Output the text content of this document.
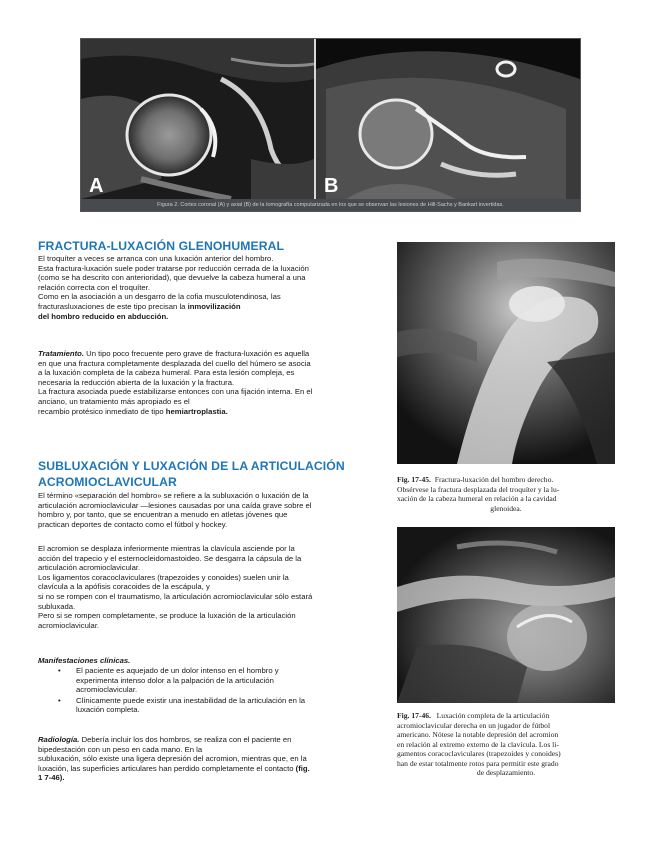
A	B
Figura 2. Cortes coronal (A) y axial (B) de la tomografía computarizada en los que se observan las lesiones de Hill-Sachs y Bankart invertidas.
FRACTURA-LUXACIÓN GLENOHUMERAL
El troquíter a veces se arranca con una luxación anterior del hombro.
Esta fractura-luxación suele poder tratarse por reducción cerrada de la luxación
(como se ha descrito con anterioridad), que devuelve la cabeza humeral a una
relación correcta con el troquíter.
Como en la asociación a un desgarro de la cofia musculotendinosa, las
fracturasluxaciones de este tipo precisan la inmovilización
del hombro reducido en abducción.
Tratamiento. Un tipo poco frecuente pero grave de fractura-luxación es aquella
en que una fractura completamente desplazada del cuello del húmero se asocia
a la luxación completa de la cabeza humeral. Para esta lesión compleja, es
necesaria la reducción abierta de la luxación y la fractura.
La fractura asociada puede estabilizarse entonces con una fijación interna. En el
anciano, un tratamiento más apropiado es el
recambio protésico inmediato de tipo hemiartroplastia.
SUBLUXACIÓN Y LUXACIÓN DE LA ARTICULACIÓN
ACROMIOCLAVICULAR
El término «separación del hombro» se refiere a la subluxación o luxación de la
articulación acromioclavicular —lesiones causadas por una caída grave sobre el
hombro y, por tanto, que se encuentran a menudo en atletas jóvenes que
practican deportes de contacto como el fútbol y hockey.
El acromion se desplaza inferiormente mientras la clavícula asciende por la
acción del trapecio y el esternocleidomastoideo. Se desgarra la cápsula de la
articulación acromioclavicular.
Los ligamentos coracoclaviculares (trapezoides y conoides) suelen unir la
clavícula a la apófisis coracoides de la escápula, y
si no se rompen con el traumatismo, la articulación acromioclavicular sólo estará
subluxada.
Pero si se rompen completamente, se produce la luxación de la articulación
acromioclavicular.
Manifestaciones clínicas.
• El paciente es aquejado de un dolor intenso en el hombro y
experimenta intenso dolor a la palpación de la articulación
acromioclavicular.
• Clínicamente puede existir una inestabilidad de la articulación en la
luxación completa.
Radiología. Debería incluir los dos hombros, se realiza con el paciente en
bipedestación con un peso en cada mano. En la
subluxación, sólo existe una ligera depresión del acromion, mientras que, en la
luxación, las superficies articulares han perdido completamente el contacto (fig.
1 7-46).
Fig. 17-45. Fractura-luxación del hombro derecho.
Obsérvese la fractura desplazada del troquíter y la lu-
xación de la cabeza humeral en relación a la cavidad
glenoidea.
Fig. 17-46. Luxación completa de la articulación
acromioclavicular derecha en un jugador de fútbol
americano. Nótese la notable depresión del acromion
en relación al extremo externo de la clavícula. Los li-
gamentos coracoclaviculares (trapezoides y conoides)
han de estar totalmente rotos para permitir este grado
de desplazamiento.
